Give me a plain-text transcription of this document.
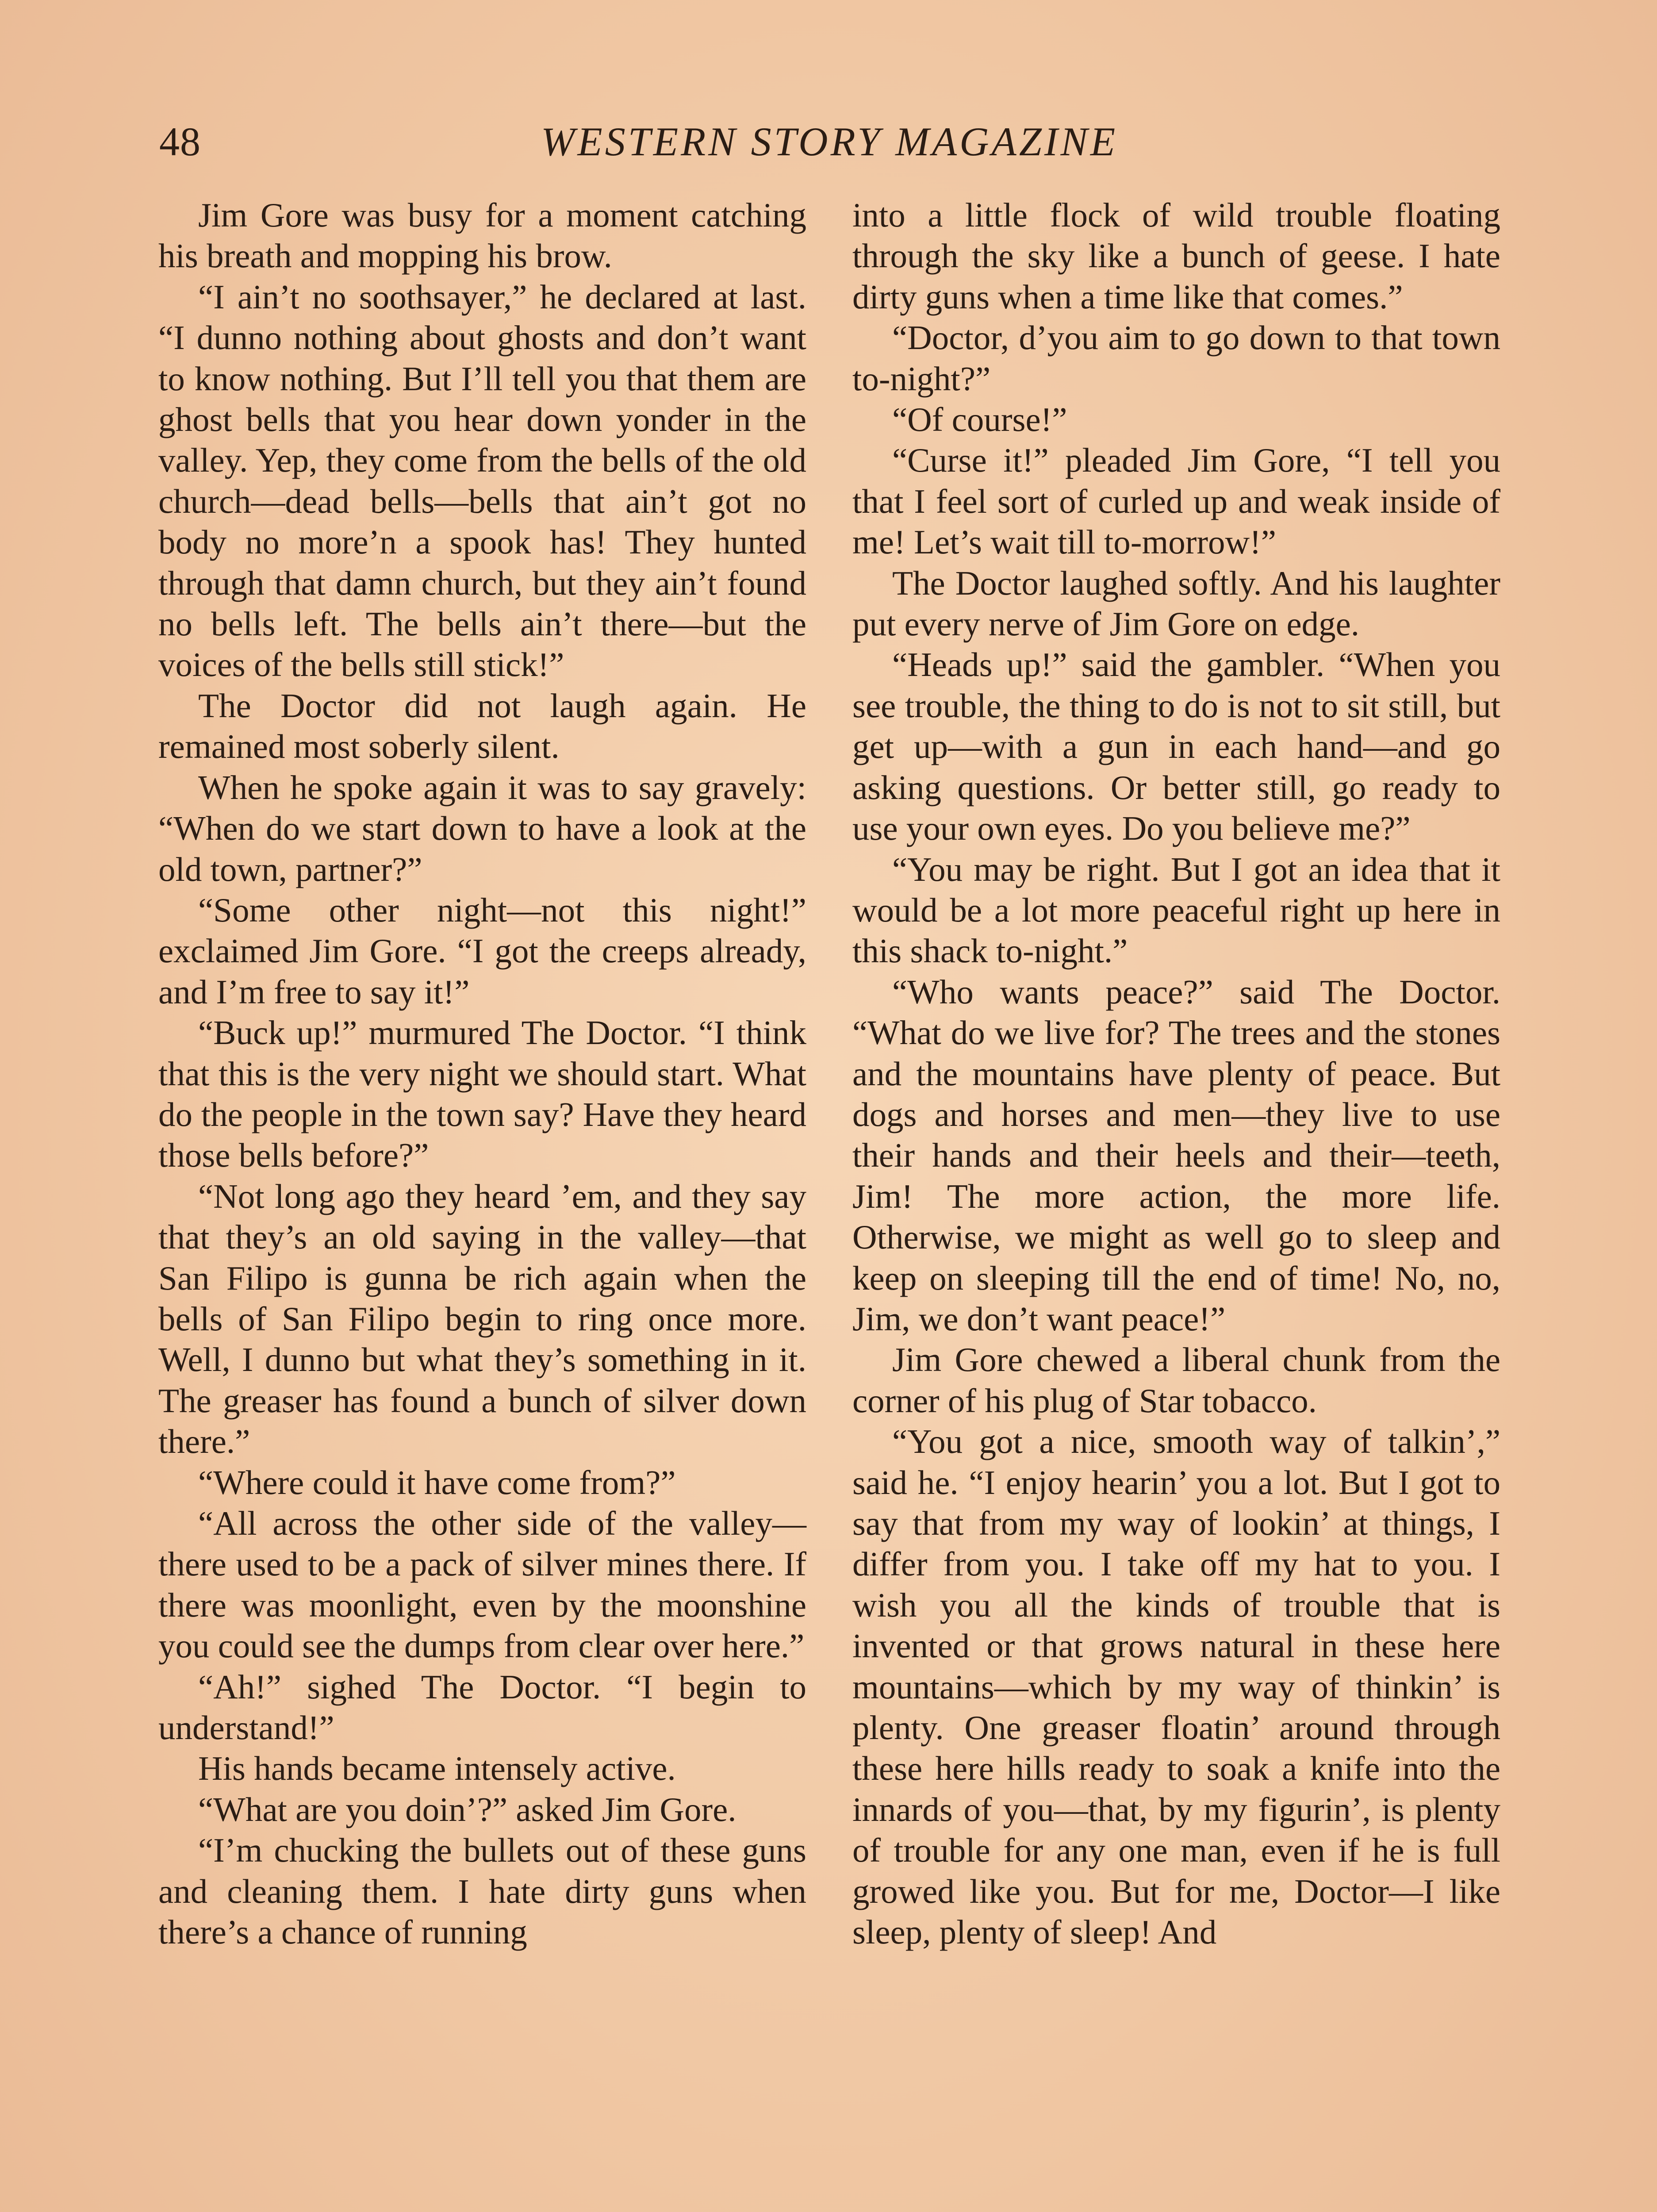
48	WESTERN STORY MAGAZINE

Jim Gore was busy for a moment catching his breath and mopping his brow.

“I ain’t no soothsayer,” he declared at last. “I dunno nothing about ghosts and don’t want to know nothing. But I’ll tell you that them are ghost bells that you hear down yonder in the valley. Yep, they come from the bells of the old church—dead bells—bells that ain’t got no body no more’n a spook has! They hunted through that damn church, but they ain’t found no bells left. The bells ain’t there—but the voices of the bells still stick!”

The Doctor did not laugh again. He remained most soberly silent.

When he spoke again it was to say gravely: “When do we start down to have a look at the old town, partner?”

“Some other night—not this night!” exclaimed Jim Gore. “I got the creeps already, and I’m free to say it!”

“Buck up!” murmured The Doctor. “I think that this is the very night we should start. What do the people in the town say? Have they heard those bells before?”

“Not long ago they heard ’em, and they say that they’s an old saying in the valley—that San Filipo is gunna be rich again when the bells of San Filipo begin to ring once more. Well, I dunno but what they’s something in it. The greaser has found a bunch of silver down there.”

“Where could it have come from?”

“All across the other side of the valley—there used to be a pack of silver mines there. If there was moonlight, even by the moonshine you could see the dumps from clear over here.”

“Ah!” sighed The Doctor. “I begin to understand!”

His hands became intensely active.

“What are you doin’?” asked Jim Gore.

“I’m chucking the bullets out of these guns and cleaning them. I hate dirty guns when there’s a chance of running

into a little flock of wild trouble floating through the sky like a bunch of geese. I hate dirty guns when a time like that comes.”

“Doctor, d’you aim to go down to that town to-night?”

“Of course!”

“Curse it!” pleaded Jim Gore, “I tell you that I feel sort of curled up and weak inside of me! Let’s wait till to-morrow!”

The Doctor laughed softly. And his laughter put every nerve of Jim Gore on edge.

“Heads up!” said the gambler. “When you see trouble, the thing to do is not to sit still, but get up—with a gun in each hand—and go asking questions. Or better still, go ready to use your own eyes. Do you believe me?”

“You may be right. But I got an idea that it would be a lot more peaceful right up here in this shack to-night.”

“Who wants peace?” said The Doctor. “What do we live for? The trees and the stones and the mountains have plenty of peace. But dogs and horses and men—they live to use their hands and their heels and their—teeth, Jim! The more action, the more life. Otherwise, we might as well go to sleep and keep on sleeping till the end of time! No, no, Jim, we don’t want peace!”

Jim Gore chewed a liberal chunk from the corner of his plug of Star tobacco.

“You got a nice, smooth way of talkin’,” said he. “I enjoy hearin’ you a lot. But I got to say that from my way of lookin’ at things, I differ from you. I take off my hat to you. I wish you all the kinds of trouble that is invented or that grows natural in these here mountains—which by my way of thinkin’ is plenty. One greaser floatin’ around through these here hills ready to soak a knife into the innards of you—that, by my figurin’, is plenty of trouble for any one man, even if he is full growed like you. But for me, Doctor—I like sleep, plenty of sleep! And
